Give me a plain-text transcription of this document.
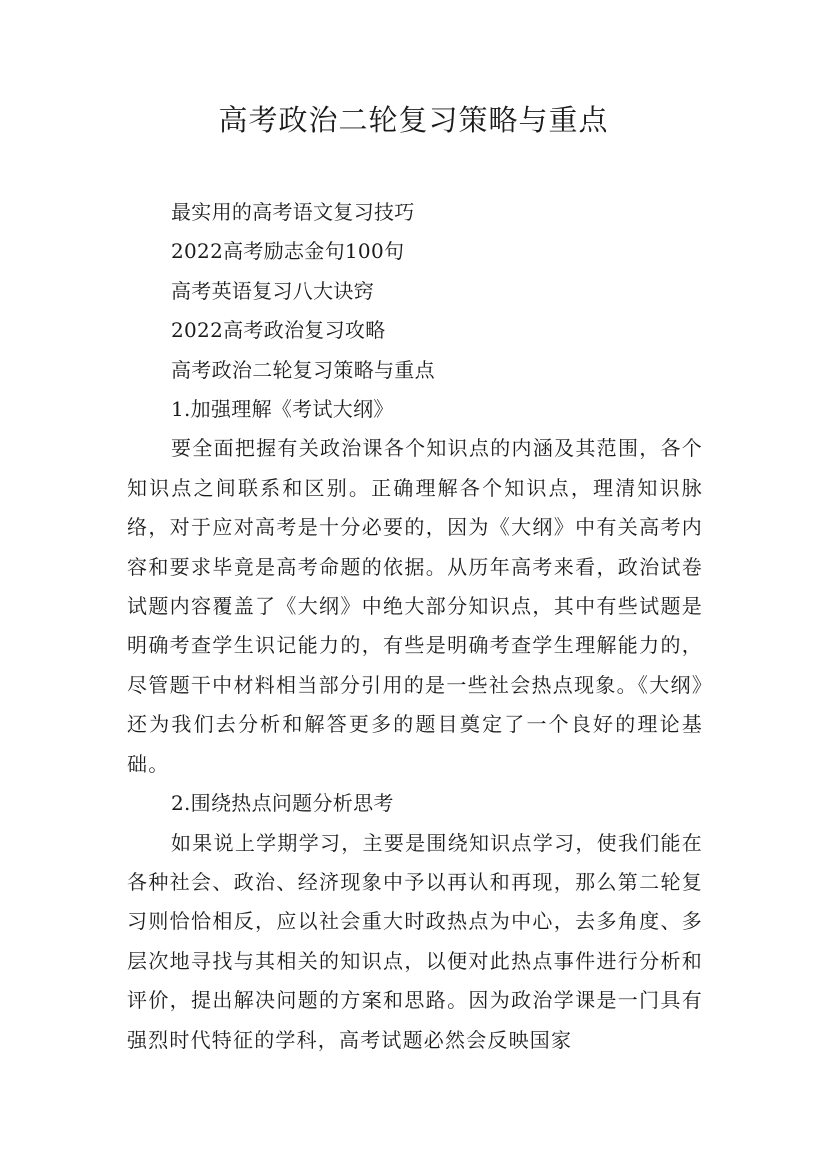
高考政治二轮复习策略与重点

最实用的高考语文复习技巧

2022高考励志金句100句

高考英语复习八大诀窍

2022高考政治复习攻略

高考政治二轮复习策略与重点

1.加强理解《考试大纲》

要全面把握有关政治课各个知识点的内涵及其范围，各个知识点之间联系和区别。正确理解各个知识点，理清知识脉络，对于应对高考是十分必要的，因为《大纲》中有关高考内容和要求毕竟是高考命题的依据。从历年高考来看，政治试卷试题内容覆盖了《大纲》中绝大部分知识点，其中有些试题是明确考查学生识记能力的，有些是明确考查学生理解能力的，尽管题干中材料相当部分引用的是一些社会热点现象。《大纲》还为我们去分析和解答更多的题目奠定了一个良好的理论基础。

2.围绕热点问题分析思考

如果说上学期学习，主要是围绕知识点学习，使我们能在各种社会、政治、经济现象中予以再认和再现，那么第二轮复习则恰恰相反，应以社会重大时政热点为中心，去多角度、多层次地寻找与其相关的知识点，以便对此热点事件进行分析和评价，提出解决问题的方案和思路。因为政治学课是一门具有强烈时代特征的学科，高考试题必然会反映国家
